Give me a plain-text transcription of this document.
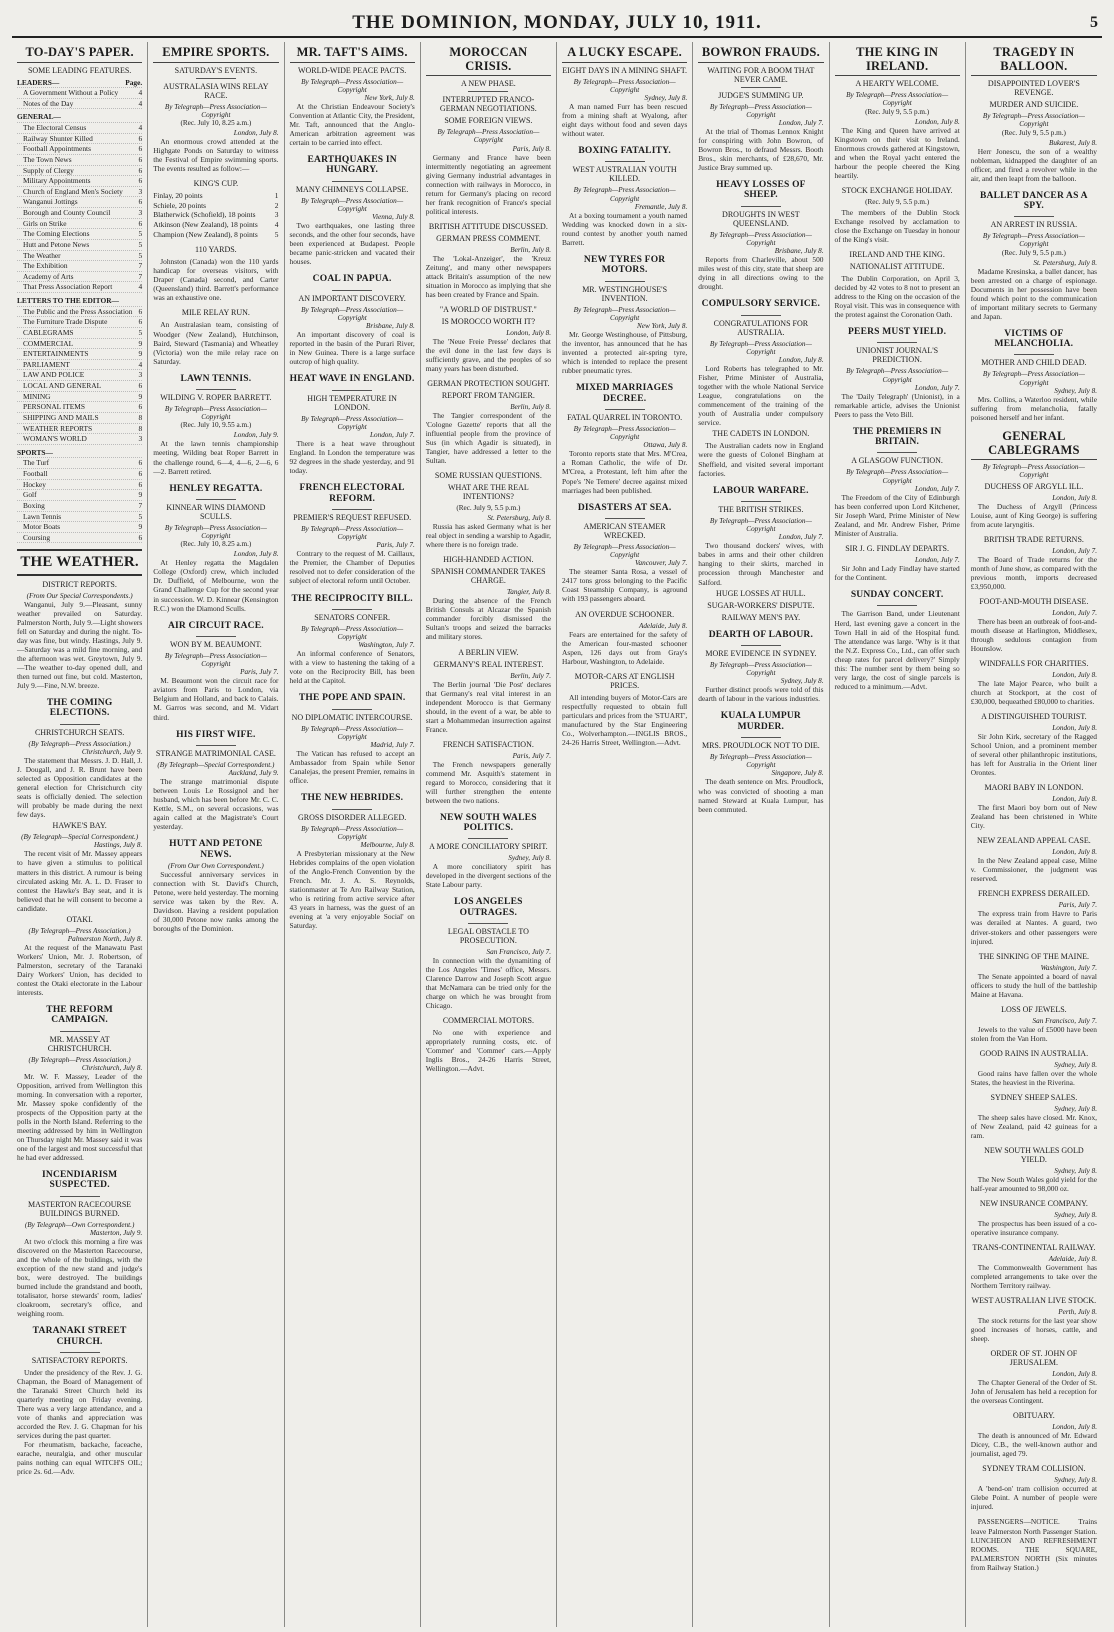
THE DOMINION, MONDAY, JULY 10, 1911.	5
TO-DAY'S PAPER.
SOME LEADING FEATURES.
LEADERS—	Page.
A Government Without a Policy	4
Notes of the Day	4
GENERAL—
The Electoral Census	4
Railway Shunter Killed	6
Football Appointments	6
The Town News	6
Supply of Clergy	6
Military Appointments	6
Church of England Men's Society 3
Wanganui Jottings	6
Borough and County Council	3
Girls on Strike	6
The Coming Elections	5
Hutt and Petone News	5
The Weather	5
The Exhibition	7
Academy of Arts	7
That Press Association Report	4
LETTERS TO THE EDITOR—
The Public and the Press Association 6
The Furniture Trade Dispute	6
CABLEGRAMS	5
COMMERCIAL	9
ENTERTAINMENTS	9
PARLIAMENT	4
LAW AND POLICE	3
LOCAL AND GENERAL	6
MINING	9
PERSONAL ITEMS	6
SHIPPING AND MAILS	8
WEATHER REPORTS	8
WOMAN'S WORLD	3
SPORTS—
The Turf	6
Football	6
Hockey	6
Golf	9
Boxing	7
Lawn Tennis	5
Motor Boats	9
Coursing	6
THE WEATHER.
DISTRICT REPORTS.
(From Our Special Correspondents.)

Wanganui, July 9.—Pleasant, sunny weather prevailed on Saturday. Palmerston North, July 9.—Light showers fell on Saturday and during the night. To-day was fine, but windy. Hastings, July 9.—Saturday was a mild fine morning, and the afternoon was wet. Greytown, July 9.—The weather to-day opened dull, and then turned out fine, but cold. Masterton, July 9.—Fine, N.W. breeze.

THE COMING ELECTIONS.
CHRISTCHURCH SEATS.
(By Telegraph—Press Association.)
Christchurch, July 9.

The statement that Messrs. J. D. Hall, J. J. Dougall, and J. R. Brunt have been selected as Opposition candidates at the general election for Christchurch city seats is officially denied. The selection will probably be made during the next few days.

HAWKE'S BAY.
(By Telegraph—Special Correspondent.)
Hastings, July 8.

The recent visit of Mr. Massey appears to have given a stimulus to political matters in this district. A rumour is being circulated asking Mr. A. L. D. Fraser to contest the Hawke's Bay seat, and it is believed that he will consent to become a candidate.

OTAKI.
(By Telegraph—Press Association.)
Palmerston North, July 8.

At the request of the Manawatu Past Workers' Union, Mr. J. Robertson, of Palmerston, secretary of the Taranaki Dairy Workers' Union, has decided to contest the Otaki electorate in the Labour interests.

THE REFORM CAMPAIGN.
MR. MASSEY AT CHRISTCHURCH.
(By Telegraph—Press Association.)
Christchurch, July 8.

Mr. W. F. Massey, Leader of the Opposition, arrived from Wellington this morning. In conversation with a reporter, Mr. Massey spoke confidently of the prospects of the Opposition party at the polls in the North Island. Referring to the meeting addressed by him in Wellington on Thursday night Mr. Massey said it was one of the largest and most successful that he had ever addressed.

INCENDIARISM SUSPECTED.
MASTERTON RACECOURSE BUILDINGS BURNED.
(By Telegraph—Own Correspondent.)
Masterton, July 9.

At two o'clock this morning a fire was discovered on the Masterton Racecourse, and the whole of the buildings, with the exception of the new stand and judge's box, were destroyed. The buildings burned include the grandstand and booth, totalisator, horse stewards' room, ladies' cloakroom, secretary's office, and weighing room.

TARANAKI STREET CHURCH.
SATISFACTORY REPORTS.

Under the presidency of the Rev. J. G. Chapman, the Board of Management of the Taranaki Street Church held its quarterly meeting on Friday evening. There was a very large attendance, and a vote of thanks and appreciation was accorded the Rev. J. G. Chapman for his services during the past quarter.

For rheumatism, backache, faceache, earache, neuralgia, and other muscular pains nothing can equal WITCH'S OIL; price 2s. 6d.—Adv.

EMPIRE SPORTS.
SATURDAY'S EVENTS.
AUSTRALASIA WINS RELAY RACE.
By Telegraph—Press Association—Copyright
(Rec. July 10, 8.25 a.m.)
London, July 8.

An enormous crowd attended at the Highgate Ponds on Saturday to witness the Festival of Empire swimming sports. The events resulted as follow:—

KING'S CUP.
Finlay, 20 points	1
Schiele, 20 points	2
Blatherwick (Schofield), 18 points	3
Atkinson (New Zealand), 18 points 4
Champion (New Zealand), 8 points 5
110 YARDS.

Johnston (Canada) won the 110 yards handicap for overseas visitors, with Draper (Canada) second, and Carter (Queensland) third. Barrett's performance was an exhaustive one.

MILE RELAY RUN.

An Australasian team, consisting of Woodger (New Zealand), Hutchinson, Baird, Steward (Tasmania) and Wheatley (Victoria) won the mile relay race on Saturday.

LAWN TENNIS.
WILDING V. ROPER BARRETT.
By Telegraph—Press Association—Copyright
(Rec. July 10, 9.55 a.m.)
London, July 9.

At the lawn tennis championship meeting, Wilding beat Roper Barrett in the challenge round, 6—4, 4—6, 2—6, 6—2. Barrett retired.

HENLEY REGATTA.
KINNEAR WINS DIAMOND SCULLS.
By Telegraph—Press Association—Copyright
(Rec. July 10, 8.25 a.m.)
London, July 8.

At Henley regatta the Magdalen College (Oxford) crew, which included Dr. Duffield, of Melbourne, won the Grand Challenge Cup for the second year in succession. W. D. Kinnear (Kensington R.C.) won the Diamond Sculls.

AIR CIRCUIT RACE.
WON BY M. BEAUMONT.
By Telegraph—Press Association—Copyright
Paris, July 7.

M. Beaumont won the circuit race for aviators from Paris to London, via Belgium and Holland, and back to Calais. M. Garros was second, and M. Vidart third.

HIS FIRST WIFE.
STRANGE MATRIMONIAL CASE.
(By Telegraph—Special Correspondent.)
Auckland, July 9.

The strange matrimonial dispute between Louis Le Rossignol and her husband, which has been before Mr. C. C. Kettle, S.M., on several occasions, was again called at the Magistrate's Court yesterday.

HUTT AND PETONE NEWS.
(From Our Own Correspondent.)

Successful anniversary services in connection with St. David's Church, Petone, were held yesterday. The morning service was taken by the Rev. A. Davidson. Having a resident population of 30,000 Petone now ranks among the boroughs of the Dominion.

MR. TAFT'S AIMS.
WORLD-WIDE PEACE PACTS.
By Telegraph—Press Association—Copyright
New York, July 8.

At the Christian Endeavour Society's Convention at Atlantic City, the President, Mr. Taft, announced that the Anglo-American arbitration agreement was certain to be carried into effect.

EARTHQUAKES IN HUNGARY.
MANY CHIMNEYS COLLAPSE.
By Telegraph—Press Association—Copyright
Vienna, July 8.

Two earthquakes, one lasting three seconds, and the other four seconds, have been experienced at Budapest. People became panic-stricken and vacated their houses.

COAL IN PAPUA.
AN IMPORTANT DISCOVERY.
By Telegraph—Press Association—Copyright
Brisbane, July 8.

An important discovery of coal is reported in the basin of the Purari River, in New Guinea. There is a large surface outcrop of high quality.

HEAT WAVE IN ENGLAND.
HIGH TEMPERATURE IN LONDON.
By Telegraph—Press Association—Copyright
London, July 7.

There is a heat wave throughout England. In London the temperature was 92 degrees in the shade yesterday, and 91 today.

FRENCH ELECTORAL REFORM.
PREMIER'S REQUEST REFUSED.
By Telegraph—Press Association—Copyright
Paris, July 7.

Contrary to the request of M. Caillaux, the Premier, the Chamber of Deputies resolved not to defer consideration of the subject of electoral reform until October.

THE RECIPROCITY BILL.
SENATORS CONFER.
By Telegraph—Press Association—Copyright
Washington, July 7.

An informal conference of Senators, with a view to hastening the taking of a vote on the Reciprocity Bill, has been held at the Capitol.

THE POPE AND SPAIN.
NO DIPLOMATIC INTERCOURSE.
By Telegraph—Press Association—Copyright
Madrid, July 7.

The Vatican has refused to accept an Ambassador from Spain while Senor Canalejas, the present Premier, remains in office.

THE NEW HEBRIDES.
GROSS DISORDER ALLEGED.
By Telegraph—Press Association—Copyright
Melbourne, July 8.

A Presbyterian missionary at the New Hebrides complains of the open violation of the Anglo-French Convention by the French. Mr. J. A. S. Reynolds, stationmaster at Te Aro Railway Station, who is retiring from active service after 43 years in harness, was the guest of an evening at 'a very enjoyable Social' on Saturday.

MOROCCAN CRISIS.
A NEW PHASE.
INTERRUPTED FRANCO-GERMAN NEGOTIATIONS.
SOME FOREIGN VIEWS.
By Telegraph—Press Association—Copyright
Paris, July 8.

Germany and France have been intermittently negotiating an agreement giving Germany industrial advantages in connection with railways in Morocco, in return for Germany's placing on record her frank recognition of France's special political interests.

BRITISH ATTITUDE DISCUSSED.
GERMAN PRESS COMMENT.
Berlin, July 8.

The 'Lokal-Anzeiger', the 'Kreuz Zeitung', and many other newspapers attack Britain's assumption of the new situation in Morocco as implying that she has been created by France and Spain.

"A WORLD OF DISTRUST."
IS MOROCCO WORTH IT?
London, July 8.

The 'Neue Freie Presse' declares that the evil done in the last few days is sufficiently grave, and the peoples of so many years has been disturbed.

GERMAN PROTECTION SOUGHT.
REPORT FROM TANGIER.
Berlin, July 8.

The Tangier correspondent of the 'Cologne Gazette' reports that all the influential people from the province of Sus (in which Agadir is situated), in Tangier, have addressed a letter to the Sultan.

SOME RUSSIAN QUESTIONS.
WHAT ARE THE REAL INTENTIONS?
(Rec. July 9, 5.5 p.m.)
St. Petersburg, July 8.

Russia has asked Germany what is her real object in sending a warship to Agadir, where there is no foreign trade.

HIGH-HANDED ACTION.
SPANISH COMMANDER TAKES CHARGE.
Tangier, July 8.

During the absence of the French British Consuls at Alcazar the Spanish commander forcibly dismissed the Sultan's troops and seized the barracks and military stores.

A BERLIN VIEW.
GERMANY'S REAL INTEREST.
Berlin, July 7.

The Berlin journal 'Die Post' declares that Germany's real vital interest in an independent Morocco is that Germany should, in the event of a war, be able to start a Mohammedan insurrection against France.

FRENCH SATISFACTION.
Paris, July 7.

The French newspapers generally commend Mr. Asquith's statement in regard to Morocco, considering that it will further strengthen the entente between the two nations.

NEW SOUTH WALES POLITICS.
A MORE CONCILIATORY SPIRIT.
Sydney, July 8.

A more conciliatory spirit has developed in the divergent sections of the State Labour party.

LOS ANGELES OUTRAGES.
LEGAL OBSTACLE TO PROSECUTION.
San Francisco, July 7.

In connection with the dynamiting of the Los Angeles 'Times' office, Messrs. Clarence Darrow and Joseph Scott argue that McNamara can be tried only for the charge on which he was brought from Chicago.

COMMERCIAL MOTORS.

No one with experience and appropriately running costs, etc. of 'Commer' and 'Commer' cars.—Apply Inglis Bros., 24-26 Harris Street, Wellington.—Advt.

A LUCKY ESCAPE.
EIGHT DAYS IN A MINING SHAFT.
By Telegraph—Press Association—Copyright
Sydney, July 8.

A man named Furr has been rescued from a mining shaft at Wyalong, after eight days without food and seven days without water.

BOXING FATALITY.
WEST AUSTRALIAN YOUTH KILLED.
By Telegraph—Press Association—Copyright
Fremantle, July 8.

At a boxing tournament a youth named Wedding was knocked down in a six-round contest by another youth named Barrett.

NEW TYRES FOR MOTORS.
MR. WESTINGHOUSE'S INVENTION.
By Telegraph—Press Association—Copyright
New York, July 8.

Mr. George Westinghouse, of Pittsburg, the inventor, has announced that he has invented a protected air-spring tyre, which is intended to replace the present rubber pneumatic tyres.

MIXED MARRIAGES DECREE.
FATAL QUARREL IN TORONTO.
By Telegraph—Press Association—Copyright
Ottawa, July 8.

Toronto reports state that Mrs. M'Crea, a Roman Catholic, the wife of Dr. M'Crea, a Protestant, left him after the Pope's 'Ne Temere' decree against mixed marriages had been published.

DISASTERS AT SEA.
AMERICAN STEAMER WRECKED.
By Telegraph—Press Association—Copyright
Vancouver, July 7.

The steamer Santa Rosa, a vessel of 2417 tons gross belonging to the Pacific Coast Steamship Company, is aground with 193 passengers aboard.

AN OVERDUE SCHOONER.
Adelaide, July 8.

Fears are entertained for the safety of the American four-masted schooner Aspen, 126 days out from Gray's Harbour, Washington, to Adelaide.

MOTOR-CARS AT ENGLISH PRICES.

All intending buyers of Motor-Cars are respectfully requested to obtain full particulars and prices from the 'STUART', manufactured by the Star Engineering Co., Wolverhampton.—INGLIS BROS., 24-26 Harris Street, Wellington.—Advt.

BOWRON FRAUDS.
WAITING FOR A BOOM THAT NEVER CAME.
JUDGE'S SUMMING UP.
By Telegraph—Press Association—Copyright
London, July 7.

At the trial of Thomas Lennox Knight for conspiring with John Bowron, of Bowron Bros., to defraud Messrs. Booth Bros., skin merchants, of £28,670, Mr. Justice Bray summed up.

HEAVY LOSSES OF SHEEP.
DROUGHTS IN WEST QUEENSLAND.
By Telegraph—Press Association—Copyright
Brisbane, July 8.

Reports from Charleville, about 500 miles west of this city, state that sheep are dying in all directions owing to the drought.

COMPULSORY SERVICE.
CONGRATULATIONS FOR AUSTRALIA.
By Telegraph—Press Association—Copyright
London, July 8.

Lord Roberts has telegraphed to Mr. Fisher, Prime Minister of Australia, together with the whole National Service League, congratulations on the commencement of the training of the youth of Australia under compulsory service.

THE CADETS IN LONDON.

The Australian cadets now in England were the guests of Colonel Bingham at Sheffield, and visited several important factories.

LABOUR WARFARE.
THE BRITISH STRIKES.
By Telegraph—Press Association—Copyright
London, July 7.

Two thousand dockers' wives, with babes in arms and their other children hanging to their skirts, marched in procession through Manchester and Salford.

HUGE LOSSES AT HULL.
SUGAR-WORKERS' DISPUTE.
RAILWAY MEN'S PAY.
DEARTH OF LABOUR.
MORE EVIDENCE IN SYDNEY.
By Telegraph—Press Association—Copyright
Sydney, July 8.

Further distinct proofs were told of this dearth of labour in the various industries.

KUALA LUMPUR MURDER.
MRS. PROUDLOCK NOT TO DIE.
By Telegraph—Press Association—Copyright
Singapore, July 8.

The death sentence on Mrs. Proudlock, who was convicted of shooting a man named Steward at Kuala Lumpur, has been commuted.

THE KING IN IRELAND.
A HEARTY WELCOME.
By Telegraph—Press Association—Copyright
(Rec. July 9, 5.5 p.m.)
London, July 8.

The King and Queen have arrived at Kingstown on their visit to Ireland. Enormous crowds gathered at Kingstown, and when the Royal yacht entered the harbour the people cheered the King heartily.

STOCK EXCHANGE HOLIDAY.
(Rec. July 9, 5.5 p.m.)

The members of the Dublin Stock Exchange resolved by acclamation to close the Exchange on Tuesday in honour of the King's visit.

IRELAND AND THE KING.
NATIONALIST ATTITUDE.

The Dublin Corporation, on April 3, decided by 42 votes to 8 not to present an address to the King on the occasion of the Royal visit. This was in consequence with the protest against the Coronation Oath.

PEERS MUST YIELD.
UNIONIST JOURNAL'S PREDICTION.
By Telegraph—Press Association—Copyright
London, July 7.

The 'Daily Telegraph' (Unionist), in a remarkable article, advises the Unionist Peers to pass the Veto Bill.

THE PREMIERS IN BRITAIN.
A GLASGOW FUNCTION.
By Telegraph—Press Association—Copyright
London, July 7.

The Freedom of the City of Edinburgh has been conferred upon Lord Kitchener, Sir Joseph Ward, Prime Minister of New Zealand, and Mr. Andrew Fisher, Prime Minister of Australia.

SIR J. G. FINDLAY DEPARTS.
London, July 7.

Sir John and Lady Findlay have started for the Continent.

SUNDAY CONCERT.

The Garrison Band, under Lieutenant Herd, last evening gave a concert in the Town Hall in aid of the Hospital fund. The attendance was large. 'Why is it that the N.Z. Express Co., Ltd., can offer such cheap rates for parcel delivery?' Simply this: The number sent by them being so very large, the cost of single parcels is reduced to a minimum.—Advt.

TRAGEDY IN BALLOON.
DISAPPOINTED LOVER'S REVENGE.
MURDER AND SUICIDE.
By Telegraph—Press Association—Copyright
(Rec. July 9, 5.5 p.m.)
Bukarest, July 8.

Herr Jonescu, the son of a wealthy nobleman, kidnapped the daughter of an officer, and fired a revolver while in the air, and then leapt from the balloon.

BALLET DANCER AS A SPY.
AN ARREST IN RUSSIA.
By Telegraph—Press Association—Copyright
(Rec. July 9, 5.5 p.m.)
St. Petersburg, July 8.

Madame Kresinska, a ballet dancer, has been arrested on a charge of espionage. Documents in her possession have been found which point to the communication of important military secrets to Germany and Japan.

VICTIMS OF MELANCHOLIA.
MOTHER AND CHILD DEAD.
By Telegraph—Press Association—Copyright
Sydney, July 8.

Mrs. Collins, a Waterloo resident, while suffering from melancholia, fatally poisoned herself and her infant.

GENERAL CABLEGRAMS
By Telegraph—Press Association—Copyright
DUCHESS OF ARGYLL ILL.
London, July 8.

The Duchess of Argyll (Princess Louise, aunt of King George) is suffering from acute laryngitis.

BRITISH TRADE RETURNS.
London, July 7.

The Board of Trade returns for the month of June show, as compared with the previous month, imports decreased £3,950,000.

FOOT-AND-MOUTH DISEASE.
London, July 7.

There has been an outbreak of foot-and-mouth disease at Harlington, Middlesex, through sedulous contagion from Hounslow.

WINDFALLS FOR CHARITIES.
London, July 8.

The late Major Pearce, who built a church at Stockport, at the cost of £30,000, bequeathed £80,000 to charities.

A DISTINGUISHED TOURIST.
London, July 8.

Sir John Kirk, secretary of the Ragged School Union, and a prominent member of several other philanthropic institutions, has left for Australia in the Orient liner Orontes.

MAORI BABY IN LONDON.
London, July 8.

The first Maori boy born out of New Zealand has been christened in White City.

NEW ZEALAND APPEAL CASE.
London, July 8.

In the New Zealand appeal case, Milne v. Commissioner, the judgment was reserved.

FRENCH EXPRESS DERAILED.
Paris, July 7.

The express train from Havre to Paris was derailed at Nantes. A guard, two driver-stokers and other passengers were injured.

THE SINKING OF THE MAINE.
Washington, July 7.

The Senate appointed a board of naval officers to study the hull of the battleship Maine at Havana.

LOSS OF JEWELS.
San Francisco, July 7.

Jewels to the value of £5000 have been stolen from the Van Horn.

GOOD RAINS IN AUSTRALIA.
Sydney, July 8.

Good rains have fallen over the whole States, the heaviest in the Riverina.

SYDNEY SHEEP SALES.
Sydney, July 8.

The sheep sales have closed. Mr. Knox, of New Zealand, paid 42 guineas for a ram.

NEW SOUTH WALES GOLD YIELD.
Sydney, July 8.

The New South Wales gold yield for the half-year amounted to 98,000 oz.

NEW INSURANCE COMPANY.
Sydney, July 8.

The prospectus has been issued of a co-operative insurance company.

TRANS-CONTINENTAL RAILWAY.
Adelaide, July 8.

The Commonwealth Government has completed arrangements to take over the Northern Territory railway.

WEST AUSTRALIAN LIVE STOCK.
Perth, July 8.

The stock returns for the last year show good increases of horses, cattle, and sheep.

ORDER OF ST. JOHN OF JERUSALEM.
London, July 8.

The Chapter General of the Order of St. John of Jerusalem has held a reception for the overseas Contingent.

OBITUARY.
London, July 8.

The death is announced of Mr. Edward Dicey, C.B., the well-known author and journalist, aged 79.

SYDNEY TRAM COLLISION.
Sydney, July 8.

A 'bend-on' tram collision occurred at Glebe Point. A number of people were injured.

PASSENGERS—NOTICE. Trains leave Palmerston North Passenger Station. LUNCHEON AND REFRESHMENT ROOMS. THE SQUARE, PALMERSTON NORTH (Six minutes from Railway Station.)
